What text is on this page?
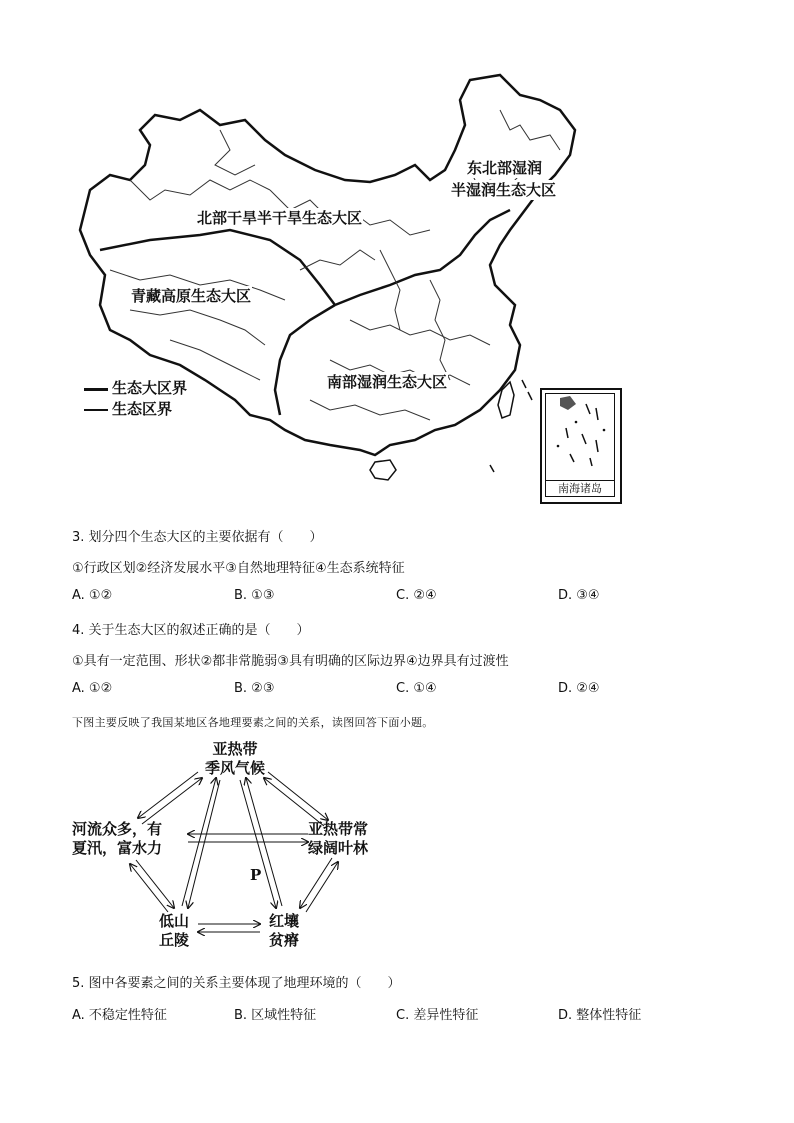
东北部湿润
半湿润生态大区
北部干旱半干旱生态大区
青藏高原生态大区
南部湿润生态大区
生态大区界
生态区界
南海诸岛
3. 划分四个生态大区的主要依据有（　　）
①行政区划②经济发展水平③自然地理特征④生态系统特征
A. ①②	B. ①③	C. ②④	D. ③④
4. 关于生态大区的叙述正确的是（　　）
①具有一定范围、形状②都非常脆弱③具有明确的区际边界④边界具有过渡性
A. ①②	B. ②③	C. ①④	D. ②④
下图主要反映了我国某地区各地理要素之间的关系，读图回答下面小题。
亚热带
季风气候
河流众多，有
夏汛，富水力
亚热带常
绿阔叶林
低山
丘陵
红壤
贫瘠
P
5. 图中各要素之间的关系主要体现了地理环境的（　　）
A. 不稳定性特征	B. 区域性特征	C. 差异性特征	D. 整体性特征
